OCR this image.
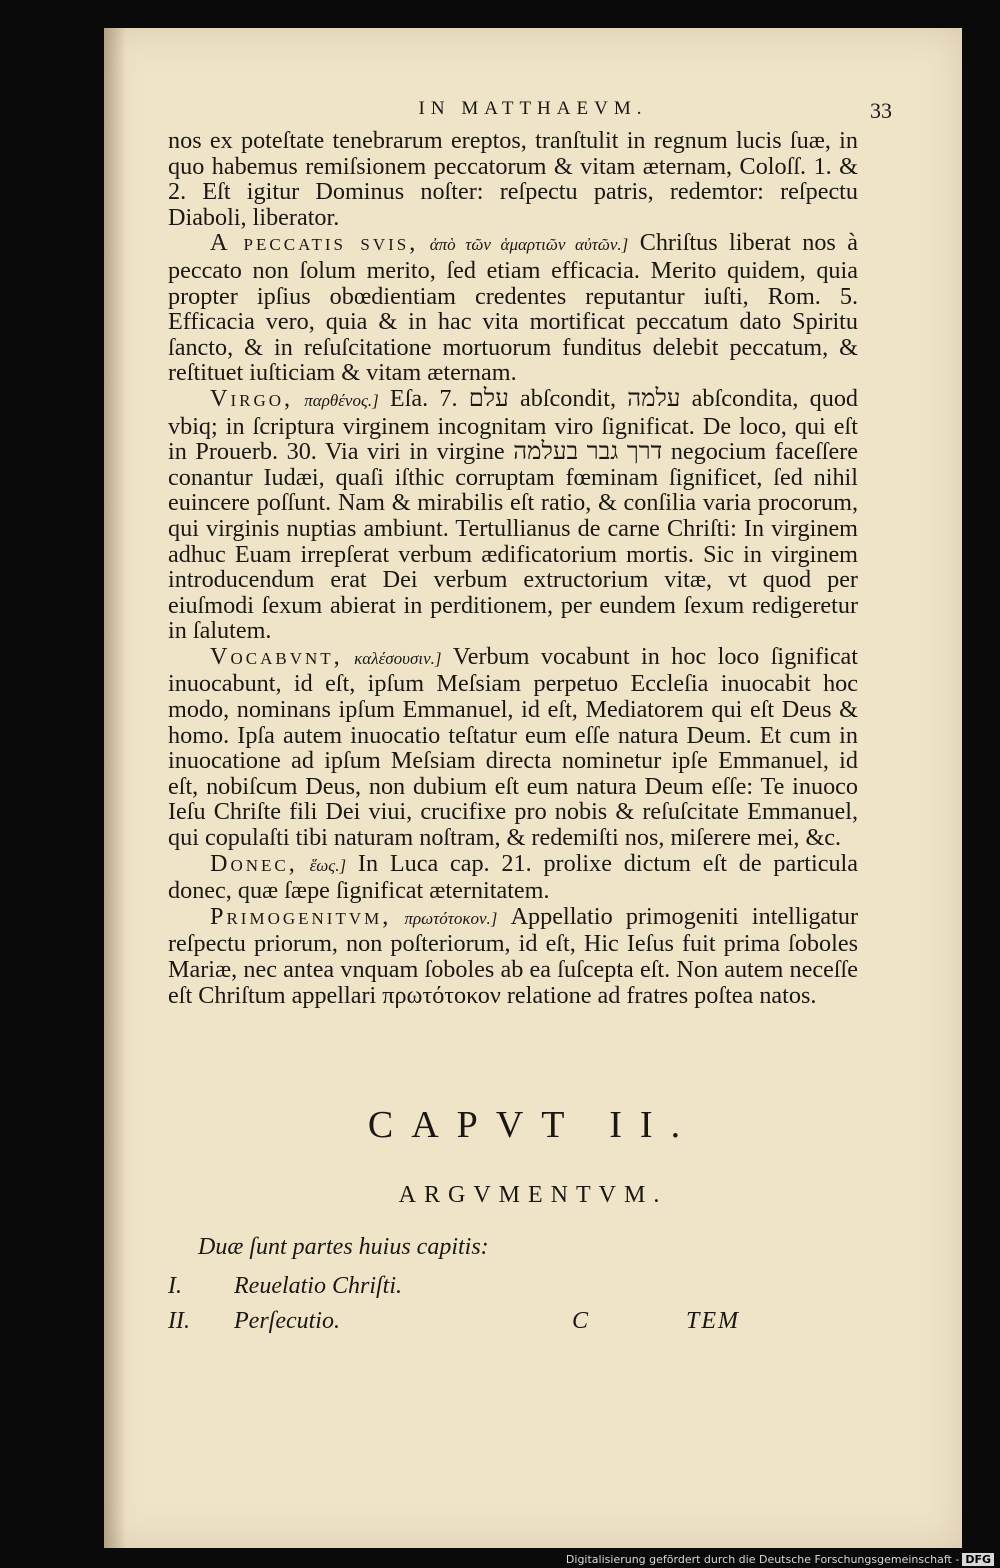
IN MATTHAEVM.	33

nos ex poteſtate tenebrarum ereptos, tranſtulit in regnum lucis ſuæ, in quo habemus remiſsionem peccatorum & vitam æternam, Coloſſ. 1. & 2. Eſt igitur Dominus noſter: reſpectu patris, redemtor: reſpectu Diaboli, liberator.

A peccatis svis, ἀπὸ τῶν ἁμαρτιῶν αὐτῶν.] Chriſtus liberat nos à peccato non ſolum merito, ſed etiam efficacia. Merito quidem, quia propter ipſius obœdientiam credentes reputantur iuſti, Rom. 5. Efficacia vero, quia & in hac vita mortificat peccatum dato Spiritu ſancto, & in reſuſcitatione mortuorum funditus delebit peccatum, & reſtituet iuſticiam & vitam æternam.

Virgo, παρθένος.] Eſa. 7. עלם abſcondit, עלמה abſcondita, quod vbiq; in ſcriptura virginem incognitam viro ſignificat. De loco, qui eſt in Prouerb. 30. Via viri in virgine דרך גבר בעלמה negocium faceſſere conantur Iudæi, quaſi iſthic corruptam fœminam ſignificet, ſed nihil euincere poſſunt. Nam & mirabilis eſt ratio, & conſilia varia procorum, qui virginis nuptias ambiunt. Tertullianus de carne Chriſti: In virginem adhuc Euam irrepſerat verbum ædificatorium mortis. Sic in virginem introducendum erat Dei verbum extructorium vitæ, vt quod per eiuſmodi ſexum abierat in perditionem, per eundem ſexum redigeretur in ſalutem.

Vocabvnt, καλέσουσιν.] Verbum vocabunt in hoc loco ſignificat inuocabunt, id eſt, ipſum Meſsiam perpetuo Eccleſia inuocabit hoc modo, nominans ipſum Emmanuel, id eſt, Mediatorem qui eſt Deus & homo. Ipſa autem inuocatio teſtatur eum eſſe natura Deum. Et cum in inuocatione ad ipſum Meſsiam directa nominetur ipſe Emmanuel, id eſt, nobiſcum Deus, non dubium eſt eum natura Deum eſſe: Te inuoco Ieſu Chriſte fili Dei viui, crucifixe pro nobis & reſuſcitate Emmanuel, qui copulaſti tibi naturam noſtram, & redemiſti nos, miſerere mei, &c.

Donec, ἕως.] In Luca cap. 21. prolixe dictum eſt de particula donec, quæ ſæpe ſignificat æternitatem.

Primogenitvm, πρωτότοκον.] Appellatio primogeniti intelligatur reſpectu priorum, non poſteriorum, id eſt, Hic Ieſus fuit prima ſoboles Mariæ, nec antea vnquam ſoboles ab ea ſuſcepta eſt. Non autem neceſſe eſt Chriſtum appellari πρωτότοκον relatione ad fratres poſtea natos.

CAPVT II.
ARGVMENTVM.
Duæ ſunt partes huius capitis:
I. Reuelatio Chriſti.
II. Perſecutio.	C	TEM
Digitalisierung gefördert durch die Deutsche Forschungsgemeinschaft - DFG
